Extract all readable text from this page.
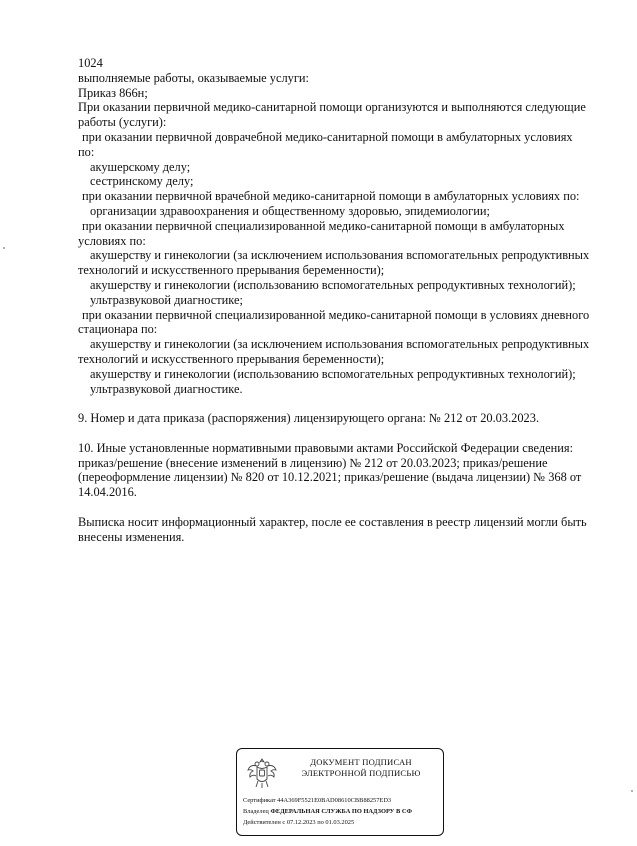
1024
выполняемые работы, оказываемые услуги:
Приказ 866н;
При оказании первичной медико-санитарной помощи организуются и выполняются следующие
работы (услуги):
при оказании первичной доврачебной медико-санитарной помощи в амбулаторных условиях
по:
акушерскому делу;
сестринскому делу;
при оказании первичной врачебной медико-санитарной помощи в амбулаторных условиях по:
организации здравоохранения и общественному здоровью, эпидемиологии;
при оказании первичной специализированной медико-санитарной помощи в амбулаторных
условиях по:
акушерству и гинекологии (за исключением использования вспомогательных репродуктивных
технологий и искусственного прерывания беременности);
акушерству и гинекологии (использованию вспомогательных репродуктивных технологий);
ультразвуковой диагностике;
при оказании первичной специализированной медико-санитарной помощи в условиях дневного
стационара по:
акушерству и гинекологии (за исключением использования вспомогательных репродуктивных
технологий и искусственного прерывания беременности);
акушерству и гинекологии (использованию вспомогательных репродуктивных технологий);
ультразвуковой диагностике.
9. Номер и дата приказа (распоряжения) лицензирующего органа: № 212 от 20.03.2023.
10. Иные установленные нормативными правовыми актами Российской Федерации сведения:
приказ/решение (внесение изменений в лицензию) № 212 от 20.03.2023; приказ/решение
(переоформление лицензии) № 820 от 10.12.2021; приказ/решение (выдача лицензии) № 368 от
14.04.2016.
Выписка носит информационный характер, после ее составления в реестр лицензий могли быть
внесены изменения.
ДОКУМЕНТ ПОДПИСАН
ЭЛЕКТРОННОЙ ПОДПИСЬЮ
Сертификат 44A369F5521E0BAD08610CBB88257ED3
Владелец ФЕДЕРАЛЬНАЯ СЛУЖБА ПО НАДЗОРУ В СФ
Действителен с 07.12.2023 по 01.03.2025
